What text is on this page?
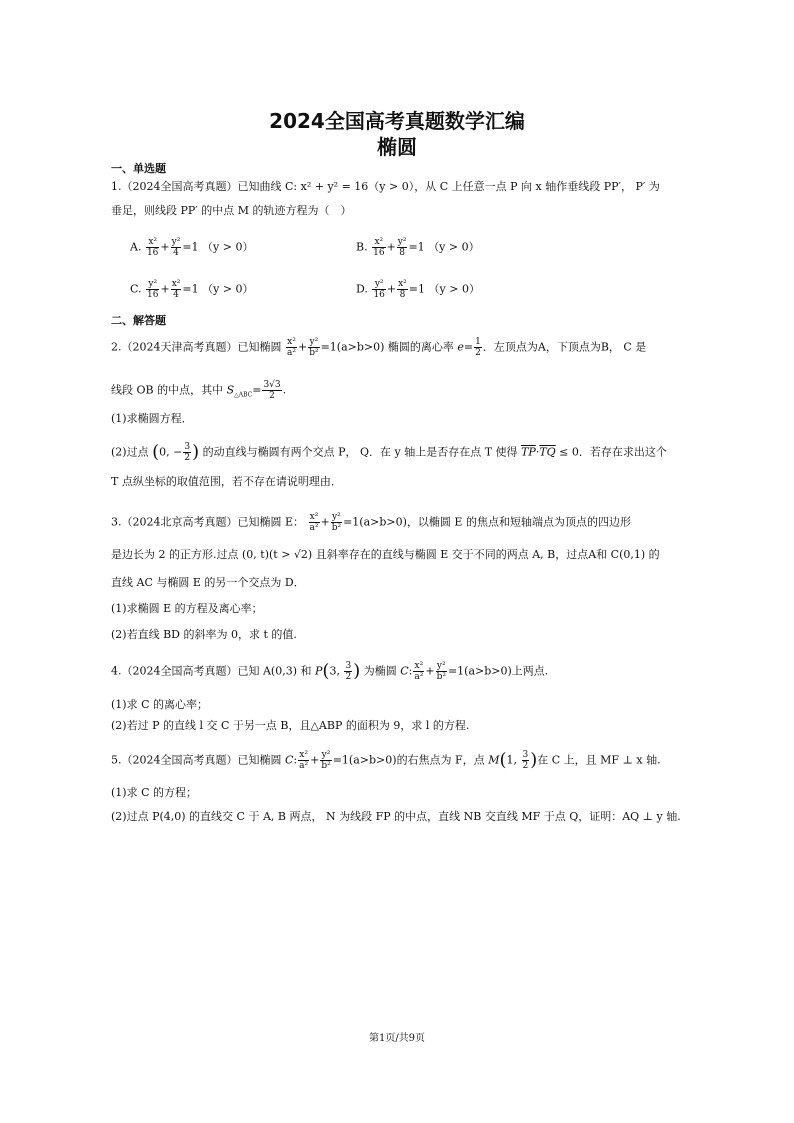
2024全国高考真题数学汇编
椭圆
一、单选题
1.（2024全国高考真题）已知曲线 C: x² + y² = 16（y > 0），从 C 上任意一点 P 向 x 轴作垂线段 PP′， P′ 为
垂足，则线段 PP′ 的中点 M 的轨迹方程为（　）
A. $\frac{\text{x²}}{16} + \frac{\text{y²}}{4} =1$ （y > 0）	B. $\frac{\text{x²}}{16} + \frac{\text{y²}}{8} =1$ （y > 0）
C. $\frac{\text{y²}}{16} + \frac{\text{x²}}{4} =1$ （y > 0）	D. $\frac{\text{y²}}{16} + \frac{\text{x²}}{8} =1$ （y > 0）
二、解答题
2.（2024天津高考真题）已知椭圆 $\frac{\text{x²}}{\text{a²}} + \frac{\text{y²}}{\text{b²}} =1(a>b>0)$ 椭圆的离心率 $e= \frac{1}{2}$ ．左顶点为A，下顶点为B， C 是
线段 OB 的中点，其中 $S_{\triangle ABC}= \frac{3√3}{2}$ .
(1)求椭圆方程．
(2)过点 (0, − $\frac{3}{2}$ ) 的动直线与椭圆有两个交点 P， Q．在 y 轴上是否存在点 T 使得 $\overline{TP}\cdot\overline{TQ} \le 0$．若存在求出这个
T 点纵坐标的取值范围，若不存在请说明理由．
3.（2024北京高考真题）已知椭圆 E： $\frac{\text{x²}}{\text{a²}} + \frac{\text{y²}}{\text{b²}} =1(a>b>0)$，以椭圆 E 的焦点和短轴端点为顶点的四边形
是边长为 2 的正方形.过点 (0, t)(t > √2) 且斜率存在的直线与椭圆 E 交于不同的两点 A, B，过点A和 C(0,1) 的
直线 AC 与椭圆 E 的另一个交点为 D．
(1)求椭圆 E 的方程及离心率；
(2)若直线 BD 的斜率为 0，求 t 的值.
4.（2024全国高考真题）已知 A(0,3) 和 P(3, $\frac{3}{2}$ ) 为椭圆 C: $\frac{\text{x²}}{\text{a²}} + \frac{\text{y²}}{\text{b²}} =1(a>b>0)$上两点.
(1)求 C 的离心率；
(2)若过 P 的直线 l 交 C 于另一点 B，且△ABP 的面积为 9，求 l 的方程.
5.（2024全国高考真题）已知椭圆 C: $\frac{\text{x²}}{\text{a²}} + \frac{\text{y²}}{\text{b²}} =1(a>b>0)$的右焦点为 F，点 M(1, $\frac{3}{2}$ )在 C 上，且 MF ⊥ x 轴.
(1)求 C 的方程；
(2)过点 P(4,0) 的直线交 C 于 A, B 两点， N 为线段 FP 的中点，直线 NB 交直线 MF 于点 Q，证明：AQ ⊥ y 轴.
第1页/共9页
